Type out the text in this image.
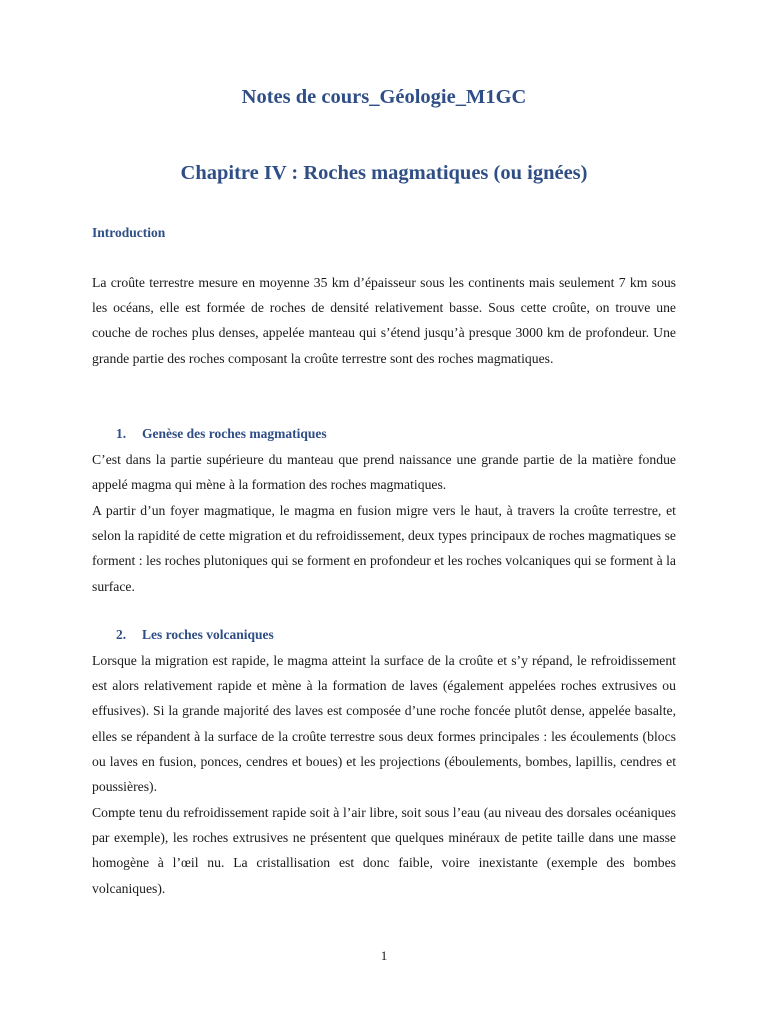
Notes de cours_Géologie_M1GC
Chapitre IV : Roches magmatiques (ou ignées)
Introduction
La croûte terrestre mesure en moyenne 35 km d’épaisseur sous les continents mais seulement 7 km sous les océans, elle est formée de roches de densité relativement basse. Sous cette croûte, on trouve une couche de roches plus denses, appelée manteau qui s’étend jusqu’à presque 3000 km de profondeur. Une grande partie des roches composant la croûte terrestre sont des roches magmatiques.
1. Genèse des roches magmatiques
C’est dans la partie supérieure du manteau que prend naissance une grande partie de la matière fondue appelé magma qui mène à la formation des roches magmatiques.
A partir d’un foyer magmatique, le magma en fusion migre vers le haut, à travers la croûte terrestre, et selon la rapidité de cette migration et du refroidissement, deux types principaux de roches magmatiques se forment : les roches plutoniques qui se forment en profondeur et les roches volcaniques qui se forment à la surface.
2. Les roches volcaniques
Lorsque la migration est rapide, le magma atteint la surface de la croûte et s’y répand, le refroidissement est alors relativement rapide et mène à la formation de laves (également appelées roches extrusives ou effusives). Si la grande majorité des laves est composée d’une roche foncée plutôt dense, appelée basalte, elles se répandent à la surface de la croûte terrestre sous deux formes principales : les écoulements (blocs ou laves en fusion, ponces, cendres et boues) et les projections (éboulements, bombes, lapillis, cendres et poussières).
Compte tenu du refroidissement rapide soit à l’air libre, soit sous l’eau (au niveau des dorsales océaniques par exemple), les roches extrusives ne présentent que quelques minéraux de petite taille dans une masse homogène à l’œil nu. La cristallisation est donc faible, voire inexistante (exemple des bombes volcaniques).
1
